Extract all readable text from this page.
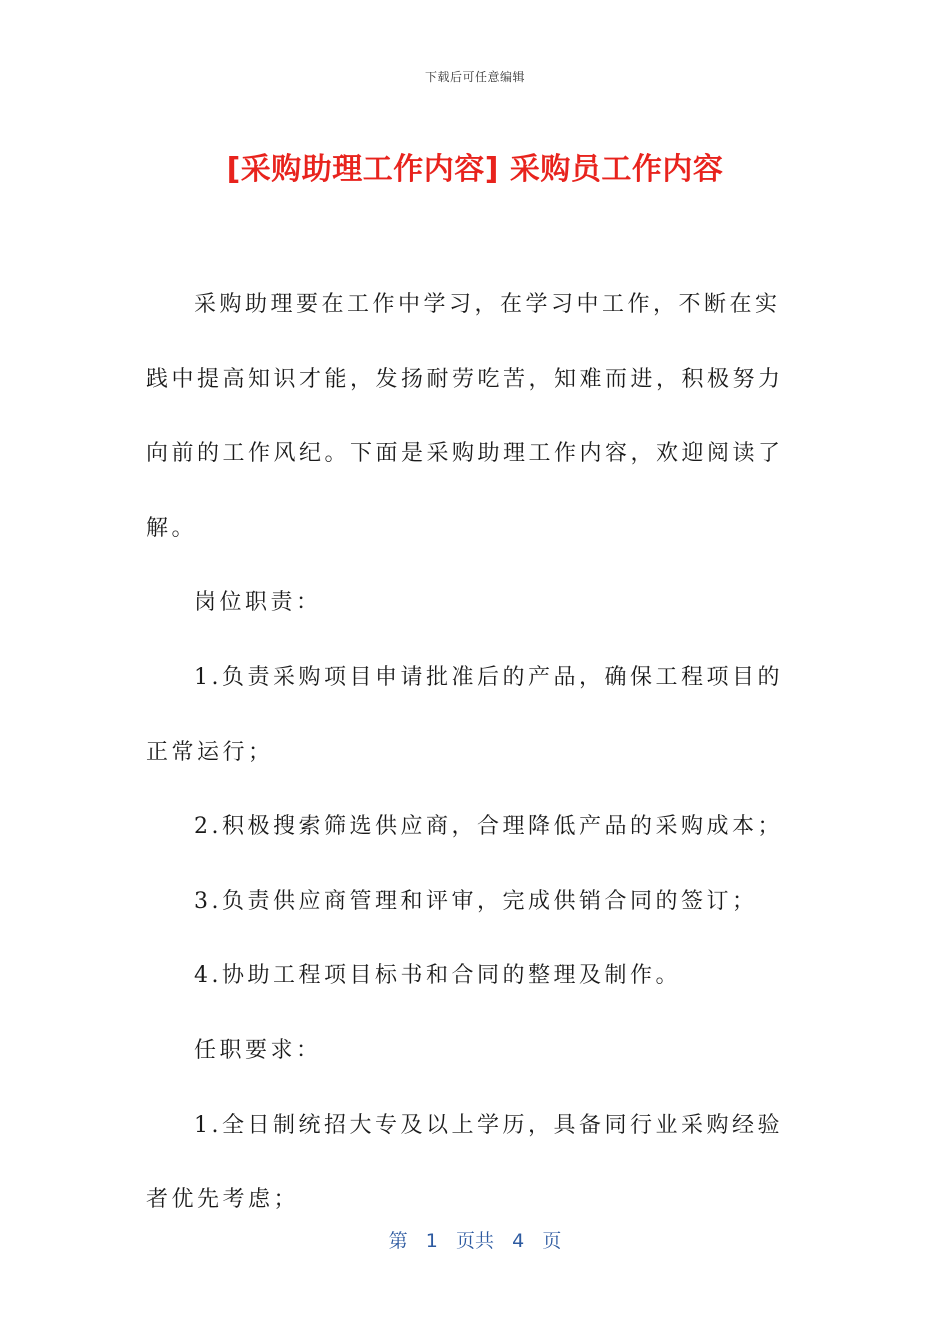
下载后可任意编辑
[采购助理工作内容] 采购员工作内容

采购助理要在工作中学习，在学习中工作，不断在实践中提高知识才能，发扬耐劳吃苦，知难而进，积极努力向前的工作风纪。下面是采购助理工作内容，欢迎阅读了解。

岗位职责：

1.负责采购项目申请批准后的产品，确保工程项目的正常运行；

2.积极搜索筛选供应商，合理降低产品的采购成本；

3.负责供应商管理和评审，完成供销合同的签订；

4.协助工程项目标书和合同的整理及制作。

任职要求：

1.全日制统招大专及以上学历，具备同行业采购经验者优先考虑；

第 1 页共 4 页
